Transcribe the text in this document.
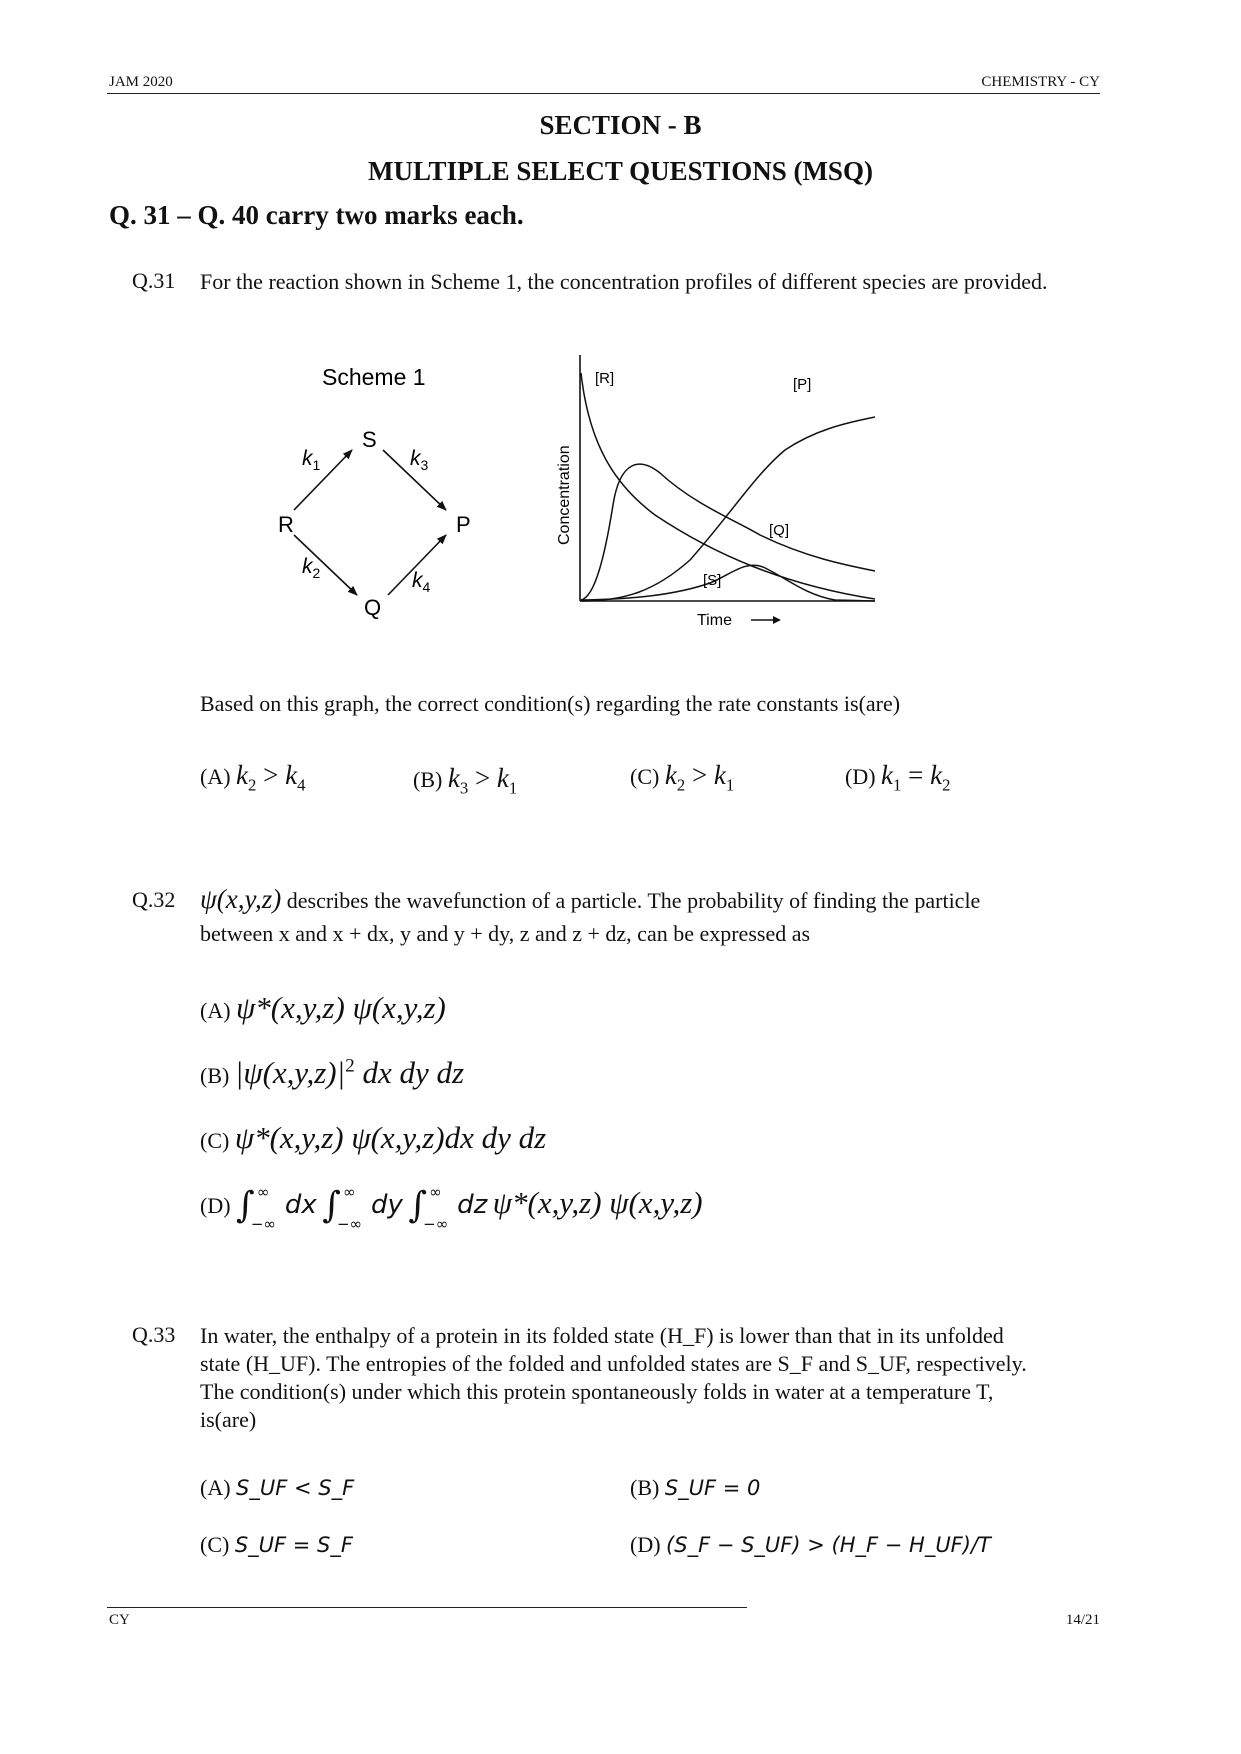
JAM 2020	CHEMISTRY - CY
SECTION - B
MULTIPLE SELECT QUESTIONS (MSQ)
Q. 31 – Q. 40 carry two marks each.
Q.31 For the reaction shown in Scheme 1, the concentration profiles of different species are provided.
Scheme 1
S
R	P
Q
$k_1$	$k_3$
$k_2$	$k_4$
Concentration
Time
[R]	[P]
[Q]
[S]
Based on this graph, the correct condition(s) regarding the rate constants is(are)
(A) $k_2 > k_4$	(B) $k_3 > k_1$	(C) $k_2 > k_1$	(D) $k_1 = k_2$
Q.32 ψ(x,y,z) describes the wavefunction of a particle. The probability of finding the particle
between x and x + dx, y and y + dy, z and z + dz, can be expressed as
(A) ψ*(x,y,z) ψ(x,y,z)
(B) $|\psi(x,y,z)|^2$ dx dy dz
(C) ψ*(x,y,z) ψ(x,y,z)dx dy dz
(D) ∫ ∞
−∞
dx ∫ ∞
−∞
dy ∫ ∞
−∞
dz ψ*(x,y,z) ψ(x,y,z)
Q.33 In water, the enthalpy of a protein in its folded state (H_F) is lower than that in its unfolded
state (H_UF). The entropies of the folded and unfolded states are S_F and S_UF, respectively.
The condition(s) under which this protein spontaneously folds in water at a temperature T,
is(are)
(A) S_UF < S_F	(B) S_UF = 0
(C) S_UF = S_F	(D) (S_F − S_UF) > (H_F − H_UF)/T
CY	14/21
